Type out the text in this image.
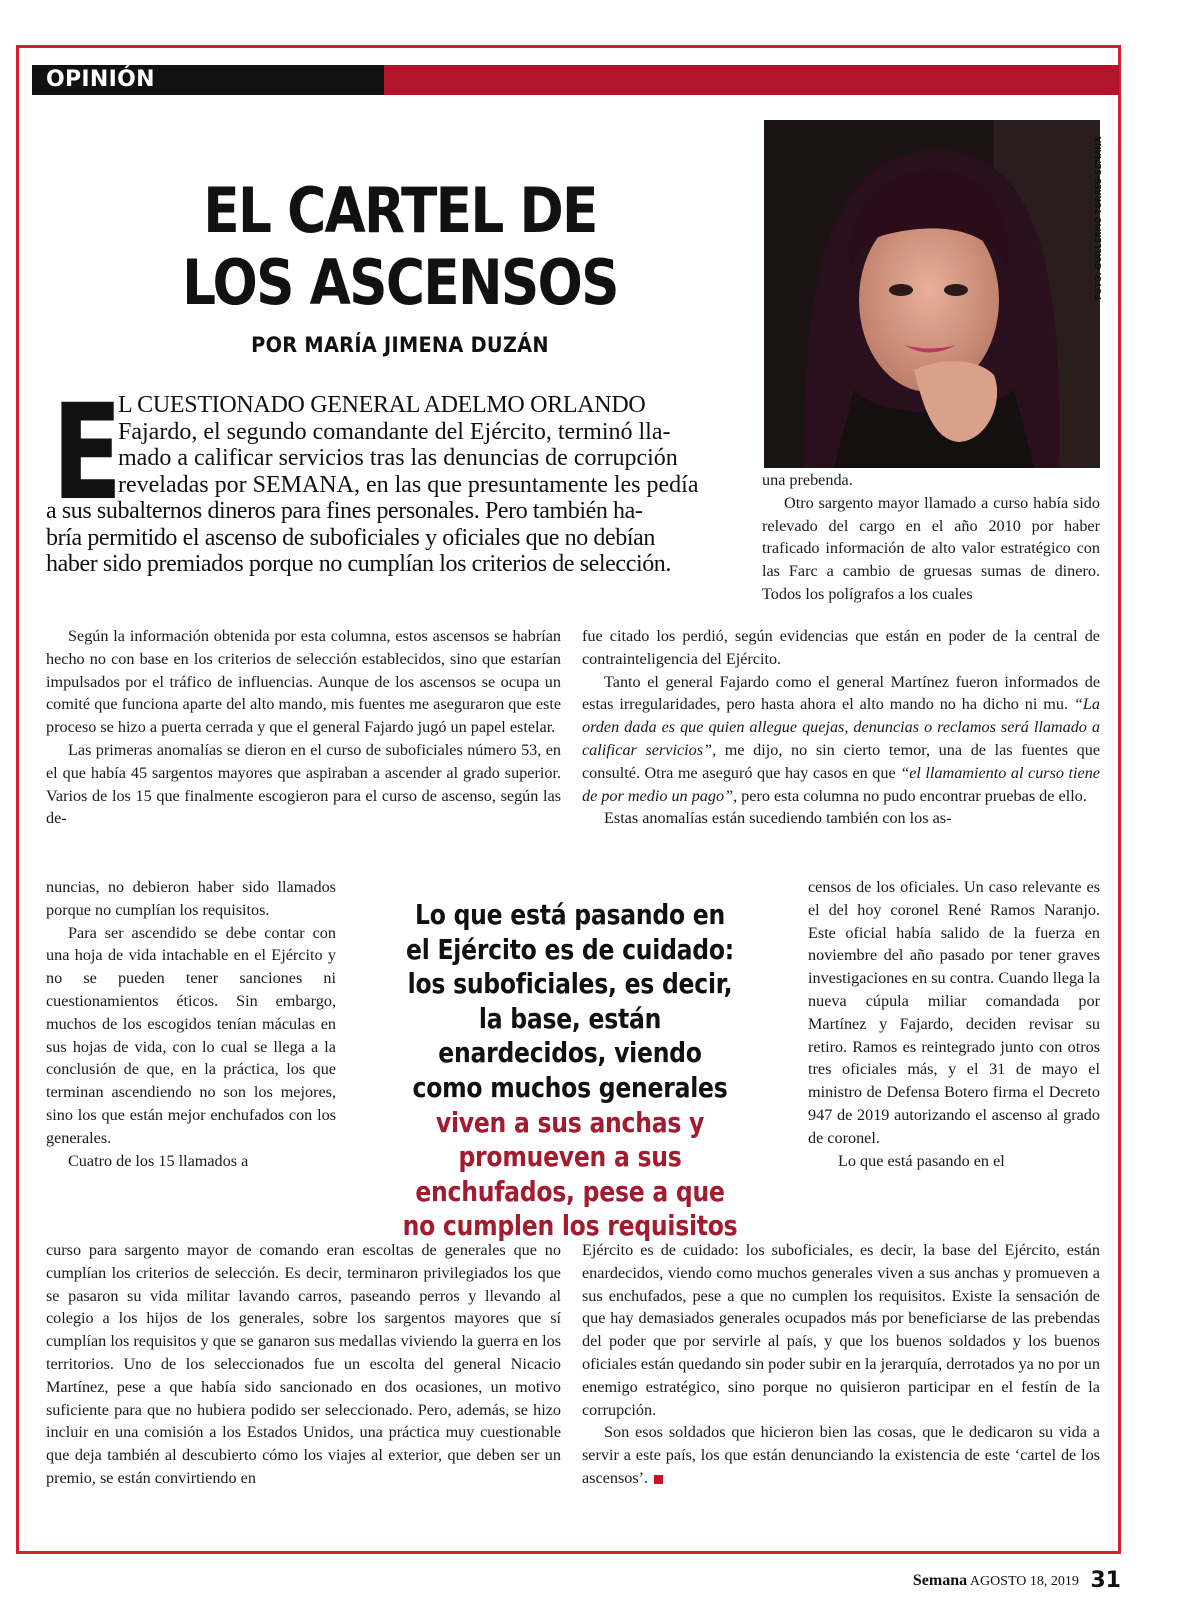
OPINIÓN
EL CARTEL DE
LOS ASCENSOS
POR MARÍA JIMENA DUZÁN
FOTO: GUILLERMO TORRES-SEMANA
E
L CUESTIONADO GENERAL ADELMO ORLANDO
Fajardo, el segundo comandante del Ejército, terminó lla-
mado a calificar servicios tras las denuncias de corrupción
reveladas por SEMANA, en las que presuntamente les pedía
a sus subalternos dineros para fines personales. Pero también ha-
bría permitido el ascenso de suboficiales y oficiales que no debían
haber sido premiados porque no cumplían los criterios de selección.

una prebenda.

Otro sargento mayor llamado a curso había sido relevado del cargo en el año 2010 por haber traficado información de alto valor estratégico con las Farc a cambio de gruesas sumas de dinero. Todos los polígrafos a los cuales

Según la información obtenida por esta columna, estos ascensos se habrían hecho no con base en los criterios de selección establecidos, sino que estarían impulsados por el tráfico de influencias. Aunque de los ascensos se ocupa un comité que funciona aparte del alto mando, mis fuentes me aseguraron que este proceso se hizo a puerta cerrada y que el general Fajardo jugó un papel estelar.

Las primeras anomalías se dieron en el curso de suboficiales número 53, en el que había 45 sargentos mayores que aspiraban a ascender al grado superior. Varios de los 15 que finalmente escogieron para el curso de ascenso, según las de-

nuncias, no debieron haber sido llamados porque no cumplían los requisitos.

Para ser ascendido se debe contar con una hoja de vida intachable en el Ejército y no se pueden tener sanciones ni cuestionamientos éticos. Sin embargo, muchos de los escogidos tenían máculas en sus hojas de vida, con lo cual se llega a la conclusión de que, en la práctica, los que terminan ascendiendo no son los mejores, sino los que están mejor enchufados con los generales.

Cuatro de los 15 llamados a

curso para sargento mayor de comando eran escoltas de generales que no cumplían los criterios de selección. Es decir, terminaron privilegiados los que se pasaron su vida militar lavando carros, paseando perros y llevando al colegio a los hijos de los generales, sobre los sargentos mayores que sí cumplían los requisitos y que se ganaron sus medallas viviendo la guerra en los territorios. Uno de los seleccionados fue un escolta del general Nicacio Martínez, pese a que había sido sancionado en dos ocasiones, un motivo suficiente para que no hubiera podido ser seleccionado. Pero, además, se hizo incluir en una comisión a los Estados Unidos, una práctica muy cuestionable que deja también al descubierto cómo los viajes al exterior, que deben ser un premio, se están convirtiendo en

fue citado los perdió, según evidencias que están en poder de la central de contrainteligencia del Ejército.

Tanto el general Fajardo como el general Martínez fueron informados de estas irregularidades, pero hasta ahora el alto mando no ha dicho ni mu. “La orden dada es que quien allegue quejas, denuncias o reclamos será llamado a calificar servicios”, me dijo, no sin cierto temor, una de las fuentes que consulté. Otra me aseguró que hay casos en que “el llamamiento al curso tiene de por medio un pago”, pero esta columna no pudo encontrar pruebas de ello.

Estas anomalías están sucediendo también con los as-

censos de los oficiales. Un caso relevante es el del hoy coronel René Ramos Naranjo. Este oficial había salido de la fuerza en noviembre del año pasado por tener graves investigaciones en su contra. Cuando llega la nueva cúpula miliar comandada por Martínez y Fajardo, deciden revisar su retiro. Ramos es reintegrado junto con otros tres oficiales más, y el 31 de mayo el ministro de Defensa Botero firma el Decreto 947 de 2019 autorizando el ascenso al grado de coronel.

Lo que está pasando en el

Ejército es de cuidado: los suboficiales, es decir, la base del Ejército, están enardecidos, viendo como muchos generales viven a sus anchas y promueven a sus enchufados, pese a que no cumplen los requisitos. Existe la sensación de que hay demasiados generales ocupados más por beneficiarse de las prebendas del poder que por servirle al país, y que los buenos soldados y los buenos oficiales están quedando sin poder subir en la jerarquía, derrotados ya no por un enemigo estratégico, sino porque no quisieron participar en el festín de la corrupción.

Son esos soldados que hicieron bien las cosas, que le dedicaron su vida a servir a este país, los que están denunciando la existencia de este ‘cartel de los ascensos’.

Lo que está pasando en el Ejército es de cuidado: los suboficiales, es decir, la base, están enardecidos, viendo como muchos generales viven a sus anchas y promueven a sus enchufados, pese a que no cumplen los requisitos
Semana AGOSTO 18, 2019 31
